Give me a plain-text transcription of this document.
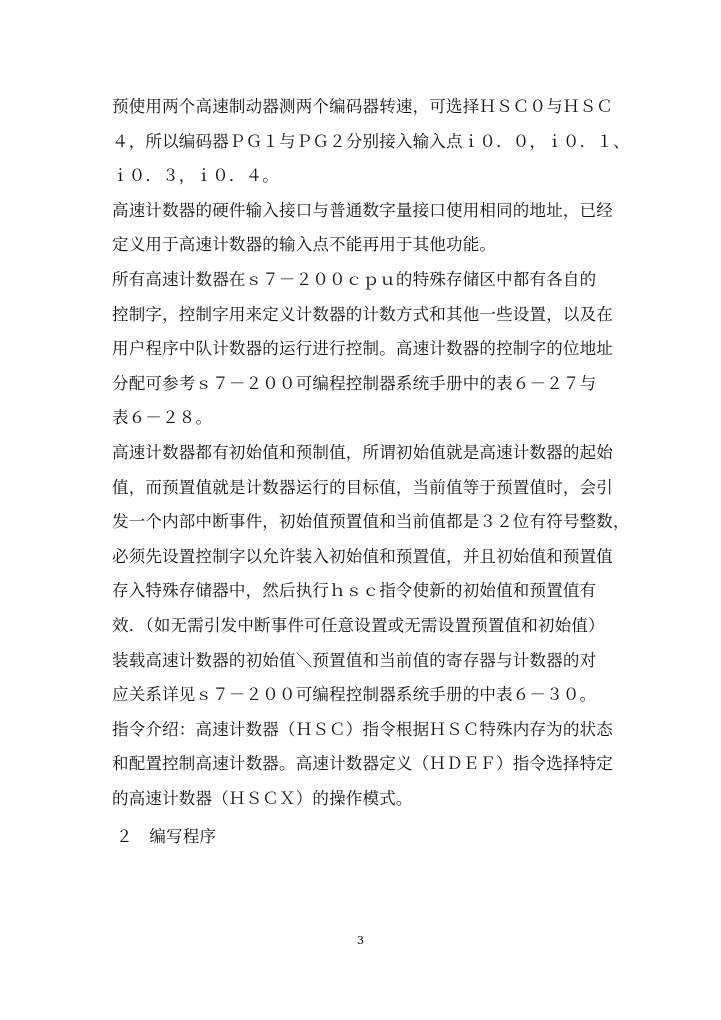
预使用两个高速制动器测两个编码器转速，可选择ＨＳＣ０与ＨＳＣ
４，所以编码器ＰＧ１与ＰＧ２分别接入输入点ｉ０．０，ｉ０．１、
ｉ０．３，ｉ０．４。
高速计数器的硬件输入接口与普通数字量接口使用相同的地址，已经
定义用于高速计数器的输入点不能再用于其他功能。
所有高速计数器在ｓ７－２００ｃｐｕ的特殊存储区中都有各自的
控制字，控制字用来定义计数器的计数方式和其他一些设置，以及在
用户程序中队计数器的运行进行控制。高速计数器的控制字的位地址
分配可参考ｓ７－２００可编程控制器系统手册中的表６－２７与
表６－２８。
高速计数器都有初始值和预制值，所谓初始值就是高速计数器的起始
值，而预置值就是计数器运行的目标值，当前值等于预置值时，会引
发一个内部中断事件，初始值预置值和当前值都是３２位有符号整数，
必须先设置控制字以允许装入初始值和预置值，并且初始值和预置值
存入特殊存储器中，然后执行ｈｓｃ指令使新的初始值和预置值有
效．（如无需引发中断事件可任意设置或无需设置预置值和初始值）
装载高速计数器的初始值＼预置值和当前值的寄存器与计数器的对
应关系详见ｓ７－２００可编程控制器系统手册的中表６－３０。
指令介绍：高速计数器（ＨＳＣ）指令根据ＨＳＣ特殊内存为的状态
和配置控制高速计数器。高速计数器定义（ＨＤＥＦ）指令选择特定
的高速计数器（ＨＳＣＸ）的操作模式。
２　编写程序
3
